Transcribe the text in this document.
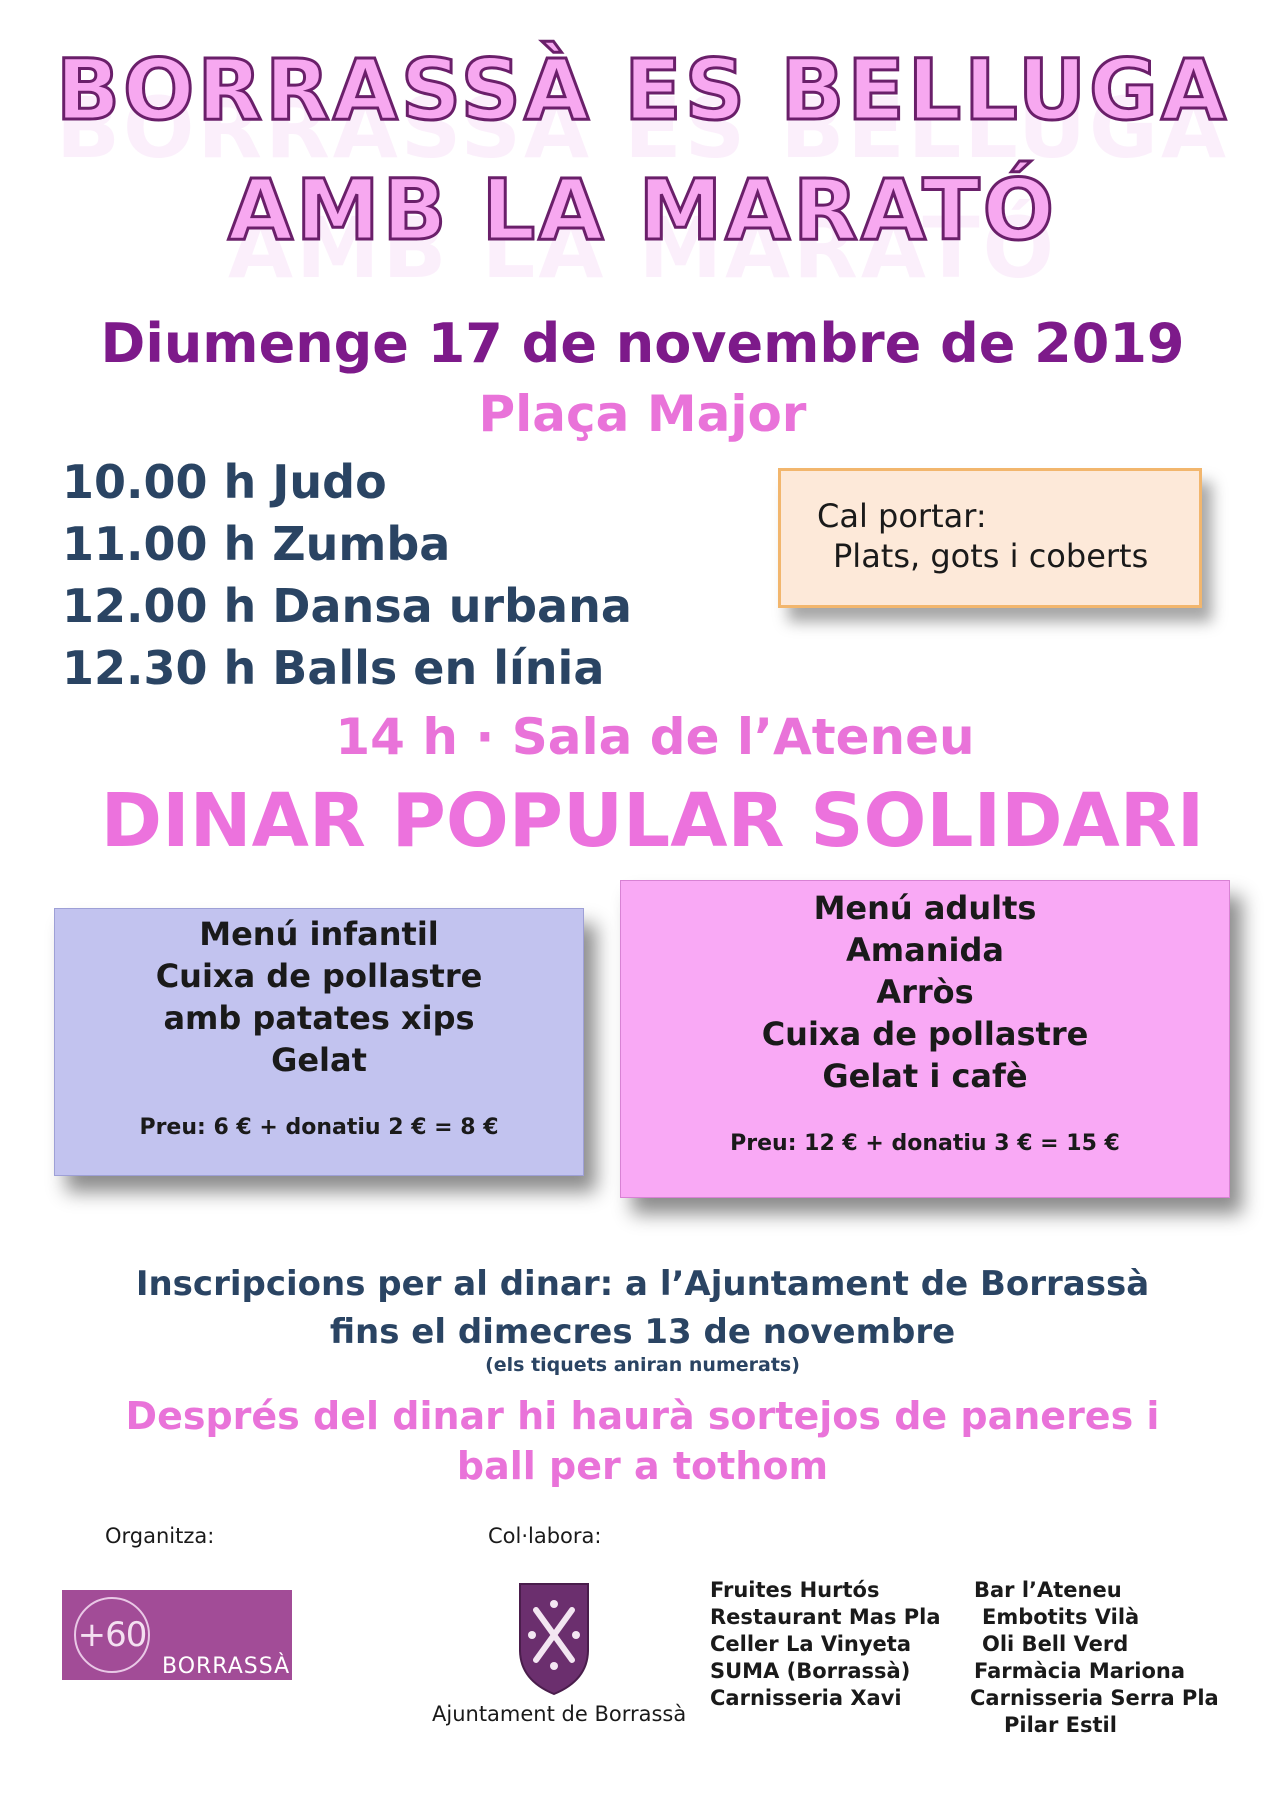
BORRASSÀ ES BELLUGA
AMB LA MARATÓ
Diumenge 17 de novembre de 2019
Plaça Major
10.00 h Judo
11.00 h Zumba
12.00 h Dansa urbana
12.30 h Balls en línia
Cal portar:
Plats, gots i coberts
14 h · Sala de l’Ateneu
DINAR POPULAR SOLIDARI
Menú infantil
Cuixa de pollastre
amb patates xips
Gelat
Preu: 6 € + donatiu 2 € = 8 €
Menú adults
Amanida
Arròs
Cuixa de pollastre
Gelat i cafè
Preu: 12 € + donatiu 3 € = 15 €
Inscripcions per al dinar: a l’Ajuntament de Borrassà
fins el dimecres 13 de novembre
(els tiquets aniran numerats)
Després del dinar hi haurà sortejos de paneres i
ball per a tothom
Organitza:	Col·labora:
+60
BORRASSÀ
Ajuntament de Borrassà
Fruites Hurtós
Restaurant Mas Pla
Celler La Vinyeta
SUMA (Borrassà)
Carnisseria Xavi
Bar l’Ateneu
Embotits Vilà
Oli Bell Verd
Farmàcia Mariona
Carnisseria Serra Pla
Pilar Estil
